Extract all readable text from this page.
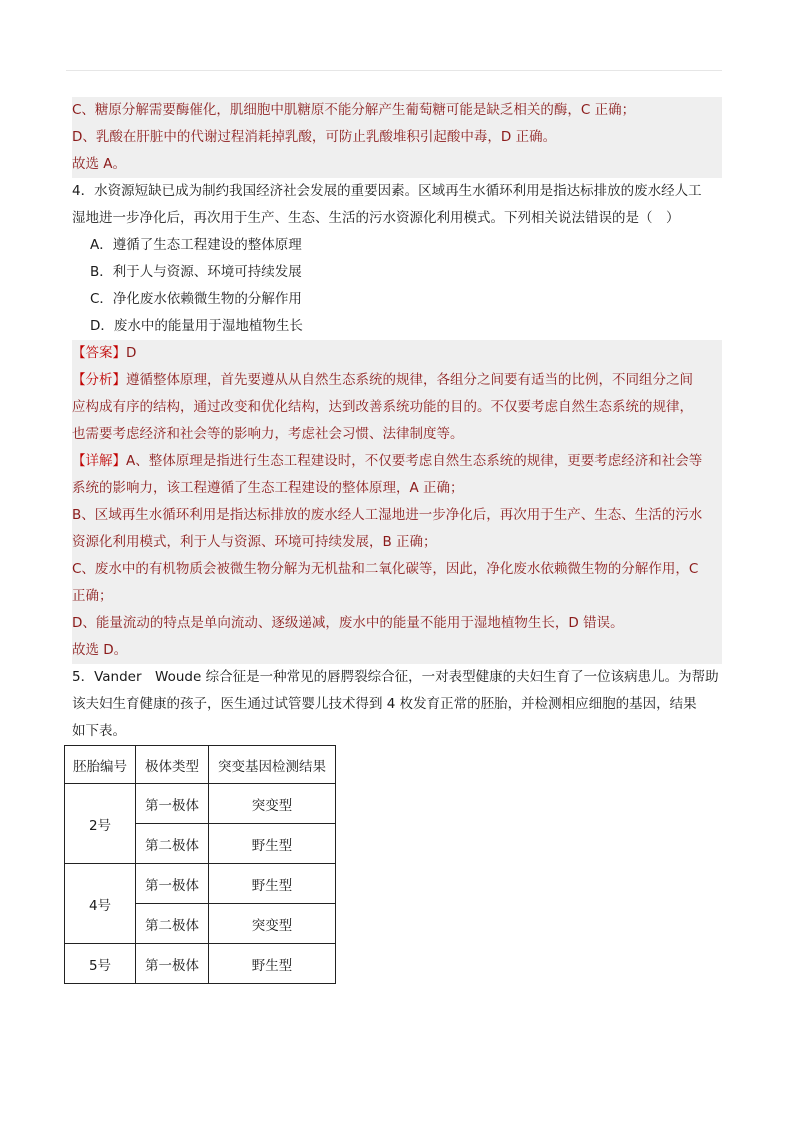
C、糖原分解需要酶催化，肌细胞中肌糖原不能分解产生葡萄糖可能是缺乏相关的酶，C 正确；
D、乳酸在肝脏中的代谢过程消耗掉乳酸，可防止乳酸堆积引起酸中毒，D 正确。
故选 A。
4．水资源短缺已成为制约我国经济社会发展的重要因素。区域再生水循环利用是指达标排放的废水经人工
湿地进一步净化后，再次用于生产、生态、生活的污水资源化利用模式。下列相关说法错误的是（　）
A．遵循了生态工程建设的整体原理
B．利于人与资源、环境可持续发展
C．净化废水依赖微生物的分解作用
D．废水中的能量用于湿地植物生长
【答案】D
【分析】遵循整体原理，首先要遵从从自然生态系统的规律，各组分之间要有适当的比例，不同组分之间
应构成有序的结构，通过改变和优化结构，达到改善系统功能的目的。不仅要考虑自然生态系统的规律，
也需要考虑经济和社会等的影响力，考虑社会习惯、法律制度等。
【详解】A、整体原理是指进行生态工程建设时，不仅要考虑自然生态系统的规律，更要考虑经济和社会等
系统的影响力，该工程遵循了生态工程建设的整体原理，A 正确；
B、区域再生水循环利用是指达标排放的废水经人工湿地进一步净化后，再次用于生产、生态、生活的污水
资源化利用模式，利于人与资源、环境可持续发展，B 正确；
C、废水中的有机物质会被微生物分解为无机盐和二氧化碳等，因此，净化废水依赖微生物的分解作用，C
正确；
D、能量流动的特点是单向流动、逐级递减，废水中的能量不能用于湿地植物生长，D 错误。
故选 D。
5．Vander　Woude 综合征是一种常见的唇腭裂综合征，一对表型健康的夫妇生育了一位该病患儿。为帮助
该夫妇生育健康的孩子，医生通过试管婴儿技术得到 4 枚发育正常的胚胎，并检测相应细胞的基因，结果
如下表。
胚胎编号	极体类型	突变基因检测结果
2号	第一极体	突变型
	第二极体	野生型
4号	第一极体	野生型
	第二极体	突变型
5号	第一极体	野生型
